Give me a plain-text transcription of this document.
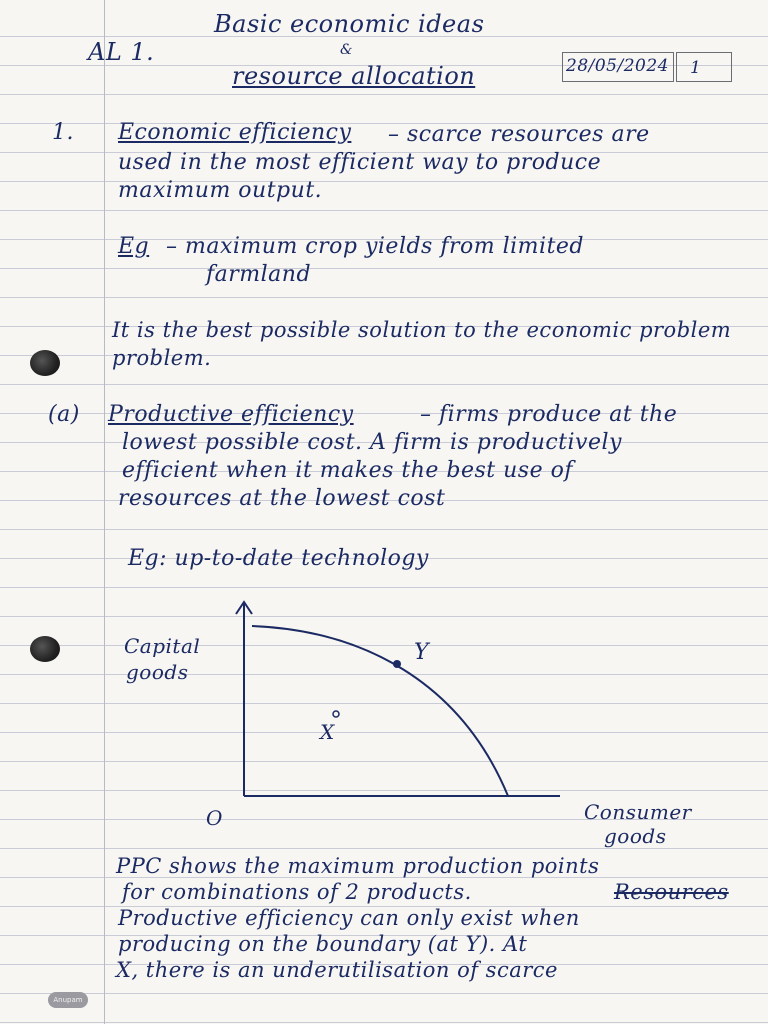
AL 1.
Basic economic ideas
&
resource allocation	28/05/2024 1
1. Economic efficiency – scarce resources are
used in the most efficient way to produce
maximum output.
Eg – maximum crop yields from limited
farmland
It is the best possible solution to the economic problem
problem.
(a) Productive efficiency	– firms produce at the
lowest possible cost. A firm is productively
efficient when it makes the best use of
resources at the lowest cost
Eg: up-to-date technology
Capital
goods
Y
X
O	Consumer
goods
PPC shows the maximum production points
for combinations of 2 products.	Resources
Productive efficiency can only exist when
producing on the boundary (at Y). At
X, there is an underutilisation of scarce
Anupam
